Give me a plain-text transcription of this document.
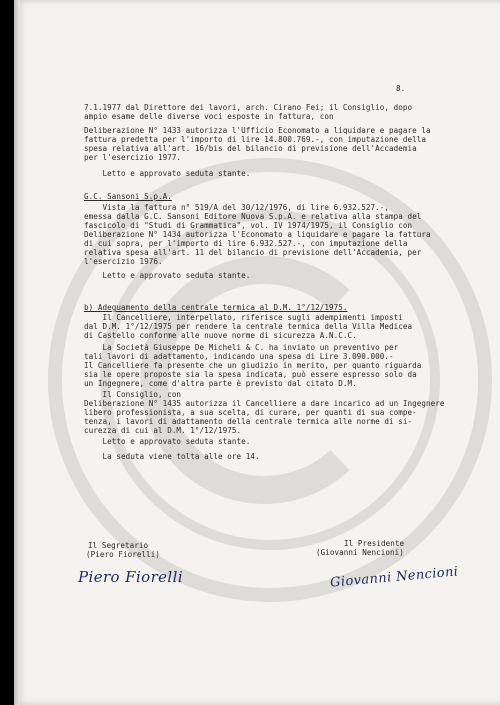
8.
7.1.1977 dal Direttore dei lavori, arch. Cirano Fei; il Consiglio, dopo
ampio esame delle diverse voci esposte in fattura, con
Deliberazione N° 1433 autorizza l'Ufficio Economato a liquidare e pagare la
fattura predetta per l'importo di lire 14.800.769.-, con imputazione della
spesa relativa all'art. 16/bis del bilancio di previsione dell'Accademia
per l'esercizio 1977.
Letto e approvato seduta stante.
G.C. Sansoni S.p.A.
Vista la fattura n° 519/A del 30/12/1976, di lire 6.932.527.-,
emessa dalla G.C. Sansoni Editore Nuova S.p.A. e relativa alla stampa del
fascicolo di "Studi di Grammatica", vol. IV 1974/1975, il Consiglio con
Deliberazione N° 1434 autorizza l'Economato a liquidare e pagare la fattura
di cui sopra, per l'importo di lire 6.932.527.-, con imputazione della
relativa spesa all'art. 11 del bilancio di previsione dell'Accademia, per
l'esercizio 1976.
Letto e approvato seduta stante.
b) Adeguamento della centrale termica al D.M. 1°/12/1975.
Il Cancelliere, interpellato, riferisce sugli adempimenti imposti
dal D.M. 1°/12/1975 per rendere la centrale termica della Villa Medicea
di Castello conforme alle nuove norme di sicurezza A.N.C.C.
La Società Giuseppe De Micheli & C. ha inviato un preventivo per
tali lavori di adattamento, indicando una spesa di Lire 3.090.000.-
Il Cancelliere fa presente che un giudizio in merito, per quanto riguarda
sia le opere proposte sia la spesa indicata, può essere espresso solo da
un Ingegnere, come d'altra parte è previsto dal citato D.M.
Il Consiglio, con
Deliberazione N° 1435 autorizza il Cancelliere a dare incarico ad un Ingegnere
libero professionista, a sua scelta, di curare, per quanti di sua compe-
tenza, i lavori di adattamento della centrale termica alle norme di si-
curezza di cui al D.M. 1°/12/1975.
Letto e approvato seduta stante.
La seduta viene tolta alle ore 14.
Il Segretario
(Piero Fiorelli)
Il Presidente
(Giovanni Nencioni)
Piero Fiorelli	Giovanni Nencioni
